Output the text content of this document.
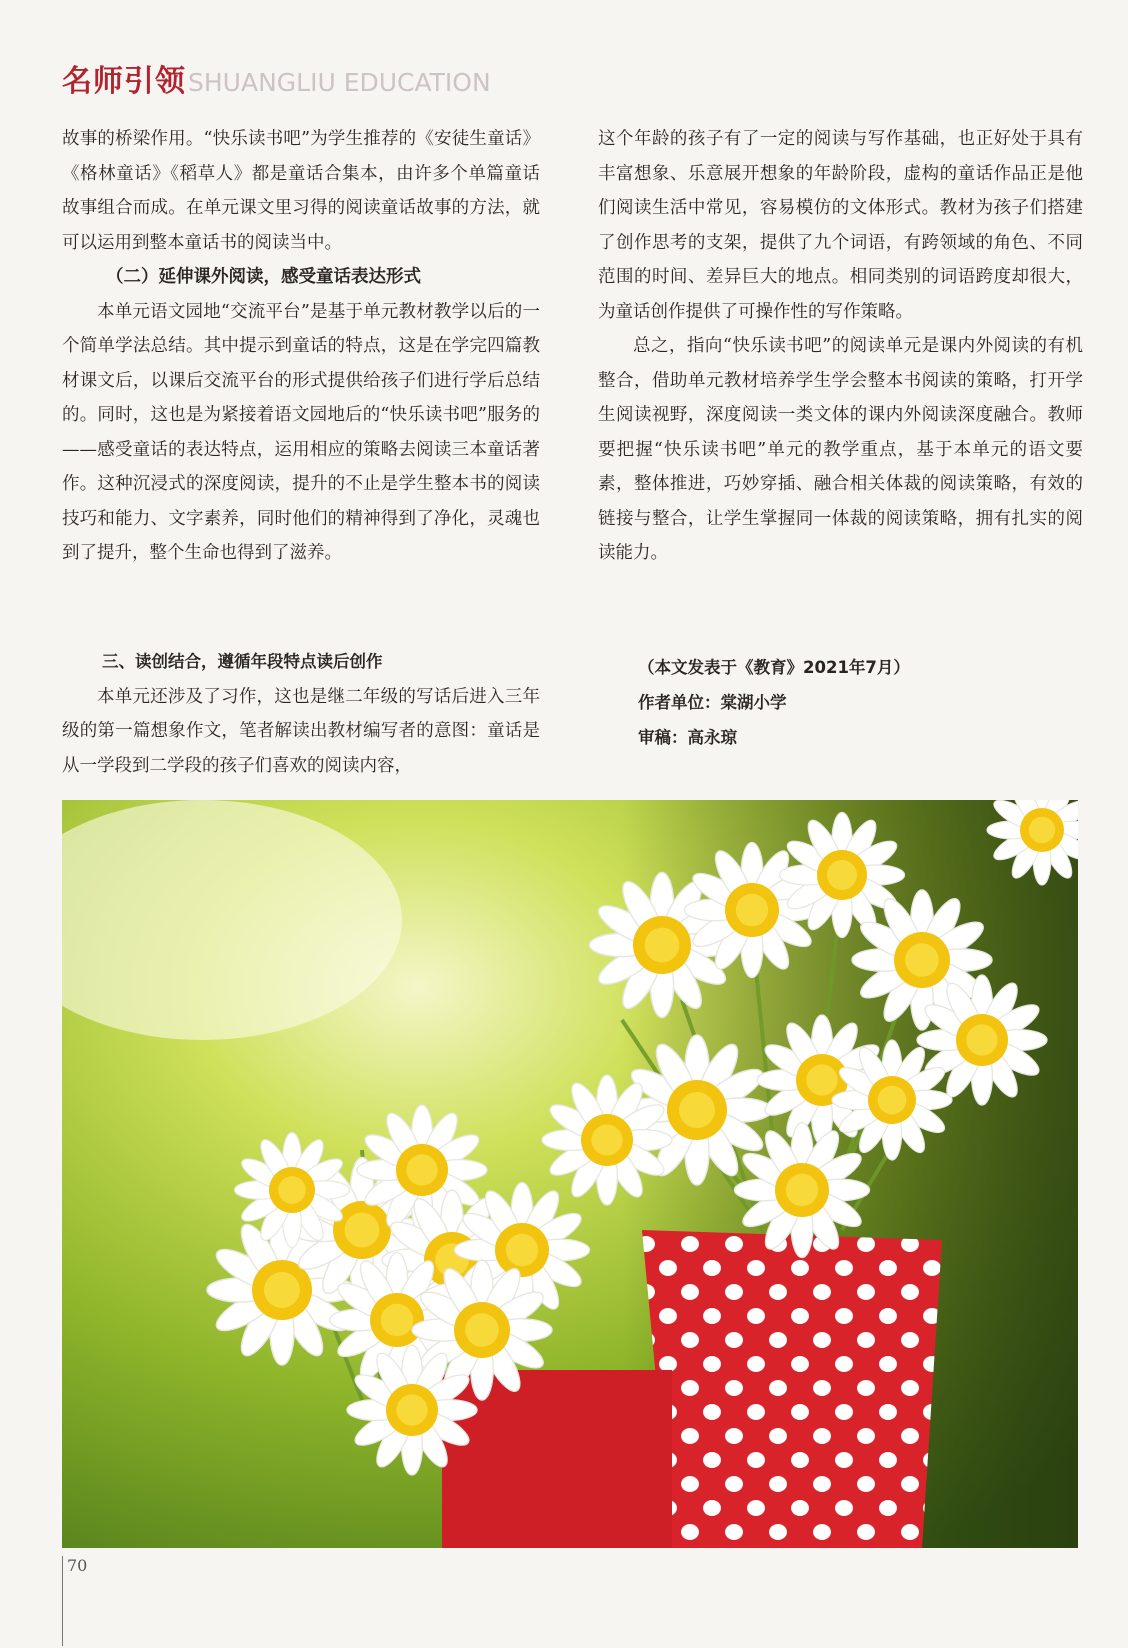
名师引领 SHUANGLIU EDUCATION

故事的桥梁作用。“快乐读书吧”为学生推荐的《安徒生童话》《格林童话》《稻草人》都是童话合集本，由许多个单篇童话故事组合而成。在单元课文里习得的阅读童话故事的方法，就可以运用到整本童话书的阅读当中。

（二）延伸课外阅读，感受童话表达形式

本单元语文园地“交流平台”是基于单元教材教学以后的一个简单学法总结。其中提示到童话的特点，这是在学完四篇教材课文后，以课后交流平台的形式提供给孩子们进行学后总结的。同时，这也是为紧接着语文园地后的“快乐读书吧”服务的——感受童话的表达特点，运用相应的策略去阅读三本童话著作。这种沉浸式的深度阅读，提升的不止是学生整本书的阅读技巧和能力、文字素养，同时他们的精神得到了净化，灵魂也到了提升，整个生命也得到了滋养。

三、读创结合，遵循年段特点读后创作

本单元还涉及了习作，这也是继二年级的写话后进入三年级的第一篇想象作文，笔者解读出教材编写者的意图：童话是从一学段到二学段的孩子们喜欢的阅读内容，

这个年龄的孩子有了一定的阅读与写作基础，也正好处于具有丰富想象、乐意展开想象的年龄阶段，虚构的童话作品正是他们阅读生活中常见，容易模仿的文体形式。教材为孩子们搭建了创作思考的支架，提供了九个词语，有跨领域的角色、不同范围的时间、差异巨大的地点。相同类别的词语跨度却很大，为童话创作提供了可操作性的写作策略。

总之，指向“快乐读书吧”的阅读单元是课内外阅读的有机整合，借助单元教材培养学生学会整本书阅读的策略，打开学生阅读视野，深度阅读一类文体的课内外阅读深度融合。教师要把握“快乐读书吧”单元的教学重点，基于本单元的语文要素，整体推进，巧妙穿插、融合相关体裁的阅读策略，有效的链接与整合，让学生掌握同一体裁的阅读策略，拥有扎实的阅读能力。

（本文发表于《教育》2021年7月）
作者单位：棠湖小学
审稿：高永琼
70
